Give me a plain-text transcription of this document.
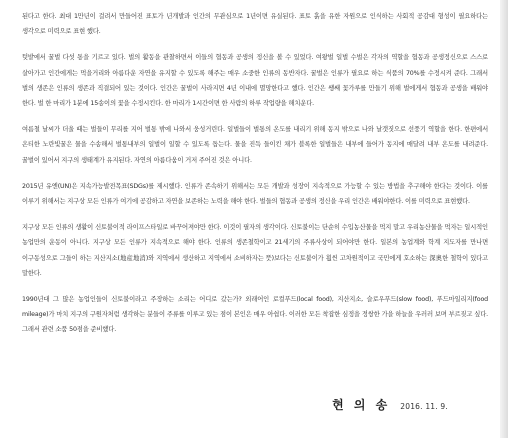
된다고 한다. 최대 1만년이 걸려서 만들어진 표토가 년개발과 인간의 무관심으로 1년이면 유실된다. 표토 흙을 유한 자원으로 인식하는 사회적 공감대 형성이 필요하다는 생각으로 미력으로 표현 했다.

텃밭에서 꿀벌 다섯 통을 기르고 있다. 벌의 활동을 관찰하면서 이들의 협동과 공생의 정신을 볼 수 있었다. 여왕벌 일벌 수벌은 각자의 역할을 협동과 공생정신으로 스스로 살아가고 인간에게는 먹을거리와 아름다운 자연을 유지할 수 있도록 해주는 매우 소중한 인류의 동반자다. 꿀벌은 인류가 필요로 하는 식품의 70%를 수정시켜 준다. 그래서 벌의 생존은 인류의 생존과 직결되어 있는 것이다. 인간은 꿀벌이 사라지면 4년 이내에 멸망한다고 했다. 인간은 쌩쌔 꽃가루를 만들기 위해 벌에게서 협동과 공생을 배워야 한다. 벌 한 마리가 1분에 15송이의 꽃을 수정시킨다. 한 마리가 1시간이면 한 사람의 하루 작업량을 해치운다.

여름철 날씨가 더울 때는 벌들이 무리를 지어 벌통 밖에 나와서 웅성거린다. 일벌들이 벌통의 온도를 내리기 위해 동지 밖으로 나와 날갯짓으로 선풍기 역할을 한다. 한편에서 온티한 노란빛꿀은 물을 수송해서 벌통내부의 일벌이 일할 수 있도록 돕는다. 물을 진득 들이킨 채가 블록한 일벌들은 내부에 들어가 동지에 매달려 내부 온도를 내려준다. 꿀벌이 있어서 지구의 생태계가 유지된다. 자연의 아름다움이 거저 주어진 것은 아니다.

2015년 유엔(UN)은 지속가능발전목표(SDGs)를 제시했다. 인류가 존속하기 위해서는 모든 개발과 성장이 지속적으로 가능할 수 있는 방법을 추구해야 한다는 것이다. 이를 이루기 위해서는 지구상 모든 인류가 여기에 공감하고 자연을 보존하는 노력을 해야 한다. 벌들의 협동과 공생의 정신을 우리 인간은 배워야한다. 이를 미력으로 표현했다.

지구상 모든 인류의 생활이 신토불이적 라이프스타일로 바꾸어져야만 한다. 이것이 필자의 생각이다. 신토불이는 단순히 수입농산물을 먹지 말고 우리농산물을 먹자는 일시적인 농업만의 운동이 아니다. 지구상 모든 인류가 지속적으로 해야 한다. 인류의 생존철학이고 21세기의 주류사상이 되어야만 한다. 일본의 농업계와 학계 지도자를 만나면 이구동성으로 그들이 하는 지산지소(地産地消)와 지역에서 생산하고 지역에서 소비하자는 뜻)보다는 신토불이가 훨씬 고차원적이고 국민에게 호소하는 深奧한 철학이 있다고 말한다.

1990년대 그 많은 농업인들이 신토불이라고 주장하는 소리는 어디로 갔는가? 외래어인 로컬푸드(local food), 지산지소, 슬로우푸드(slow food), 푸드마일리지(food mileage)가 마치 지구의 구원자처럼 생각하는 분들이 주류를 이루고 있는 점이 본인은 매우 아쉽다. 이러한 모든 착잡한 심정을 정쌍한 가을 하늘을 우러러 보며 부르짖고 싶다. 그래서 관련 소품 50점을 준비했다.

현 의 송 2016. 11. 9.
